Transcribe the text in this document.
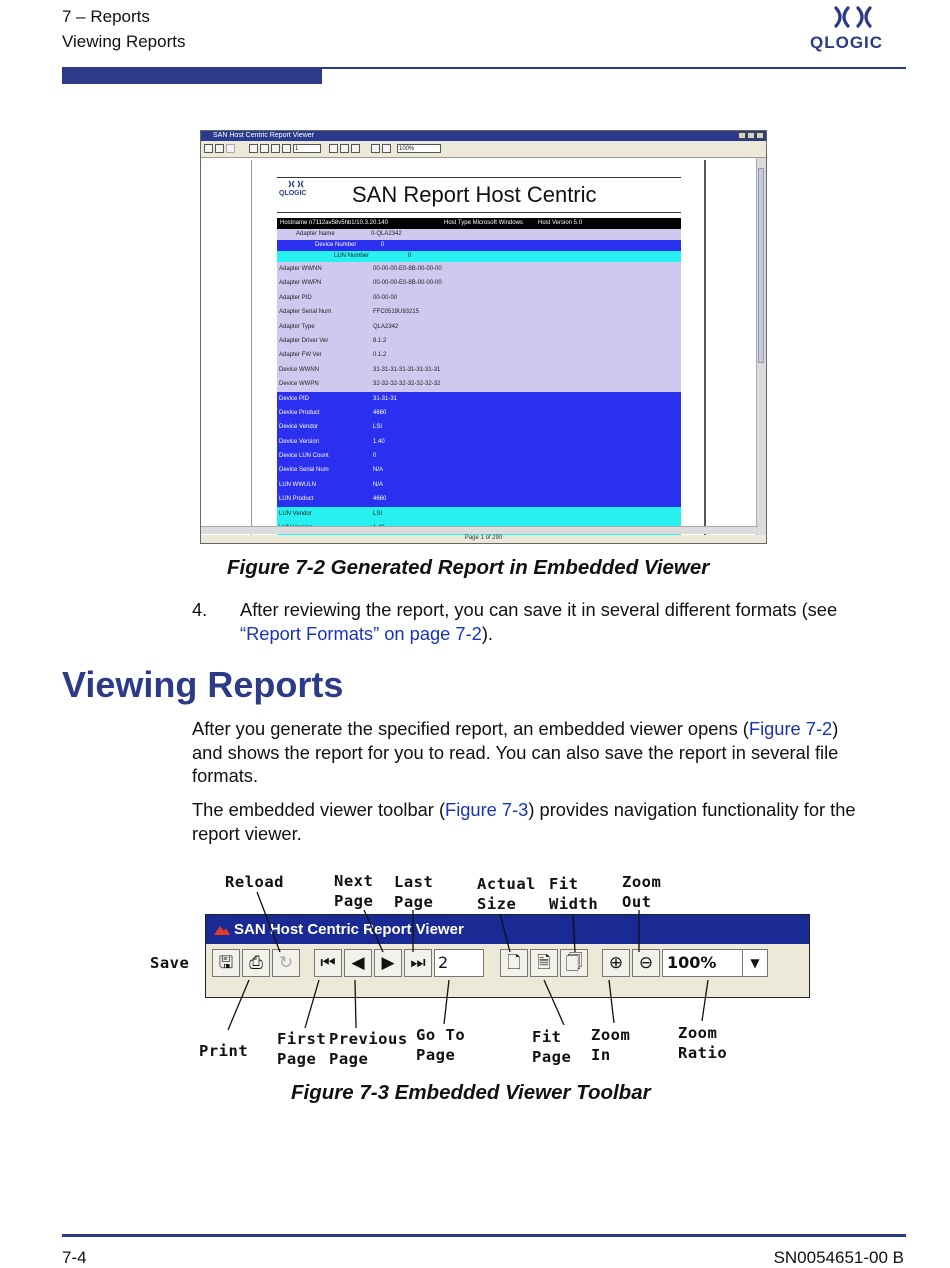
7 – Reports
Viewing Reports	QLOGIC
SAN Host Centric Report Viewer
1	100%

QLOGIC SAN Report Host Centric
Hostname n7112av58v5hb1/10.3.20.140	Host Type Microsoft Windows	Host Version 5.0
Adapter Name	0-QLA2342
Device Number	0
LUN Number	0
Adapter WWNN	00-00-00-E0-8B-00-00-00
Adapter WWPN	00-00-00-E0-8B-00-00-00
Adapter PID	00-00-00
Adapter Serial Num	FFC0519U93215
Adapter Type	QLA2342
Adapter Driver Ver	8.1.2
Adapter FW Ver	0.1.2
Device WWNN	31-31-31-31-31-31-31-31
Device WWPN	32-32-32-32-32-32-32-32
Device PID	31-31-31
Device Product	4660
Device Vendor	LSI
Device Version	1.40
Device LUN Count	0
Device Serial Num	N/A
LUN WWULN	N/A
LUN Product	4660
LUN Vendor	LSI
Page 1 of 290
Figure 7-2 Generated Report in Embedded Viewer
4. After reviewing the report, you can save it in several different formats (see
“Report Formats” on page 7-2).
Viewing Reports
After you generate the specified report, an embedded viewer opens (Figure 7-2)
and shows the report for you to read. You can also save the report in several file
formats.
The embedded viewer toolbar (Figure 7-3) provides navigation functionality for the
report viewer.
SAN Host Centric Report Viewer
🖫 ⎙ ↻	⏮ ◀ ▶ ⏭ 2	🗋 🗎 🗍	⊕ ⊖ 100%	▼
Reload	Next
Page
Last
Page
Actual
Size
Fit
Width
Zoom
Out
Save
Print
First
Page
Previous
Page
Go To
Page
Fit
Page
Zoom
In
Zoom
Ratio
Figure 7-3 Embedded Viewer Toolbar
7-4	SN0054651-00 B
